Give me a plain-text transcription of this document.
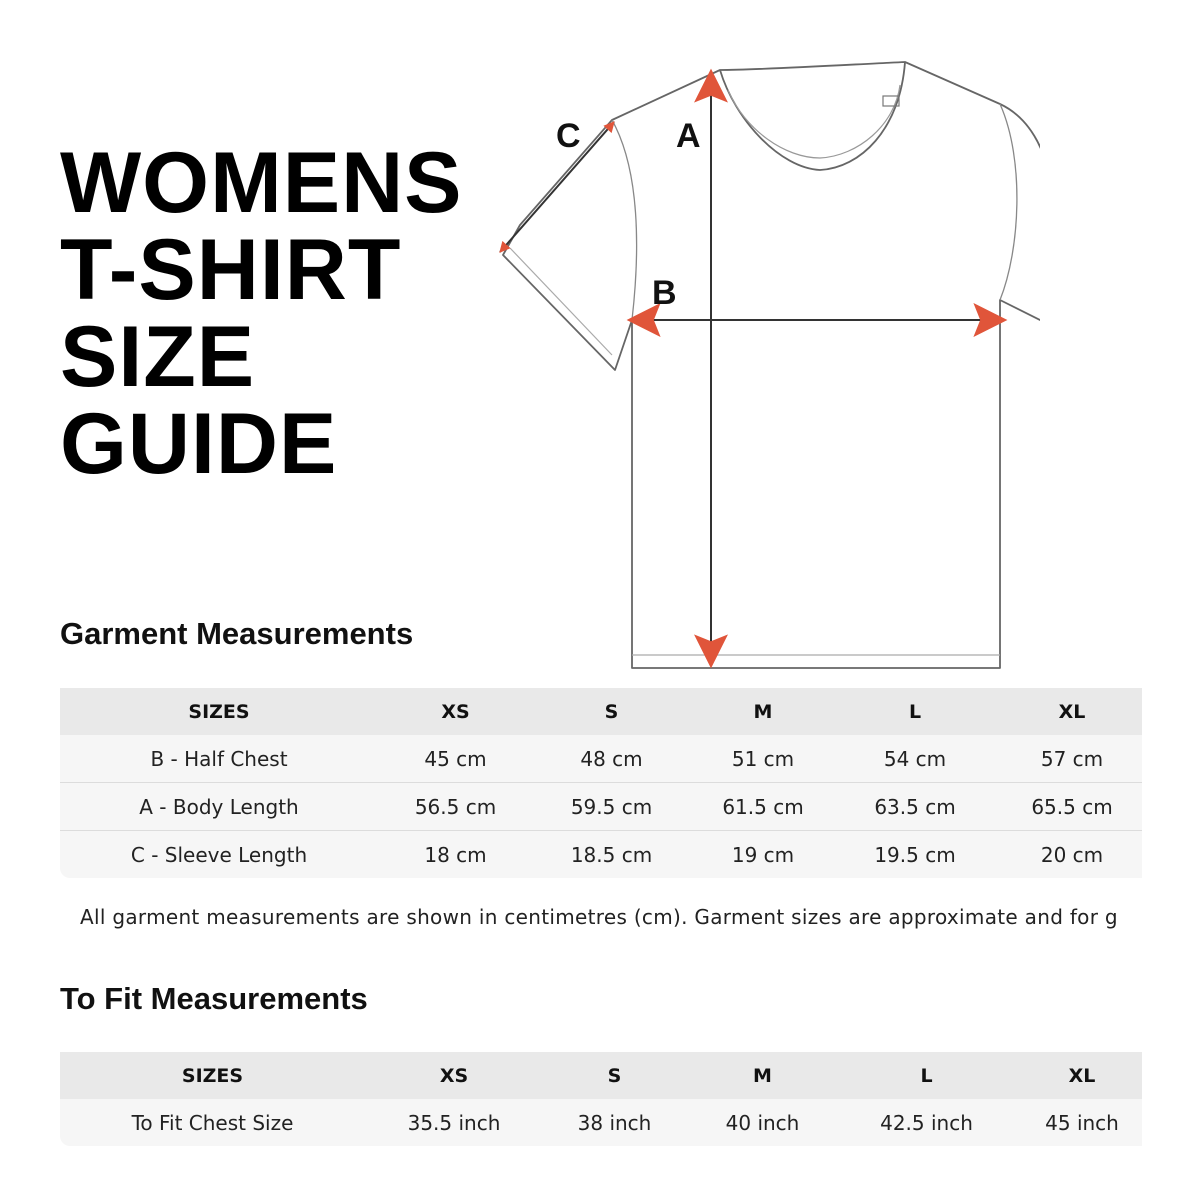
WOMENS
T-SHIRT
SIZE
GUIDE
A
B
C
Garment Measurements
SIZES	XS	S	M	L	XL
B - Half Chest	45 cm	48 cm	51 cm	54 cm	57 cm
A - Body Length	56.5 cm	59.5 cm	61.5 cm	63.5 cm	65.5 cm
C - Sleeve Length	18 cm	18.5 cm	19 cm	19.5 cm	20 cm
All garment measurements are shown in centimetres (cm). Garment sizes are approximate and for g
To Fit Measurements
SIZES	XS	S	M	L	XL
To Fit Chest Size	35.5 inch	38 inch	40 inch	42.5 inch	45 inch
